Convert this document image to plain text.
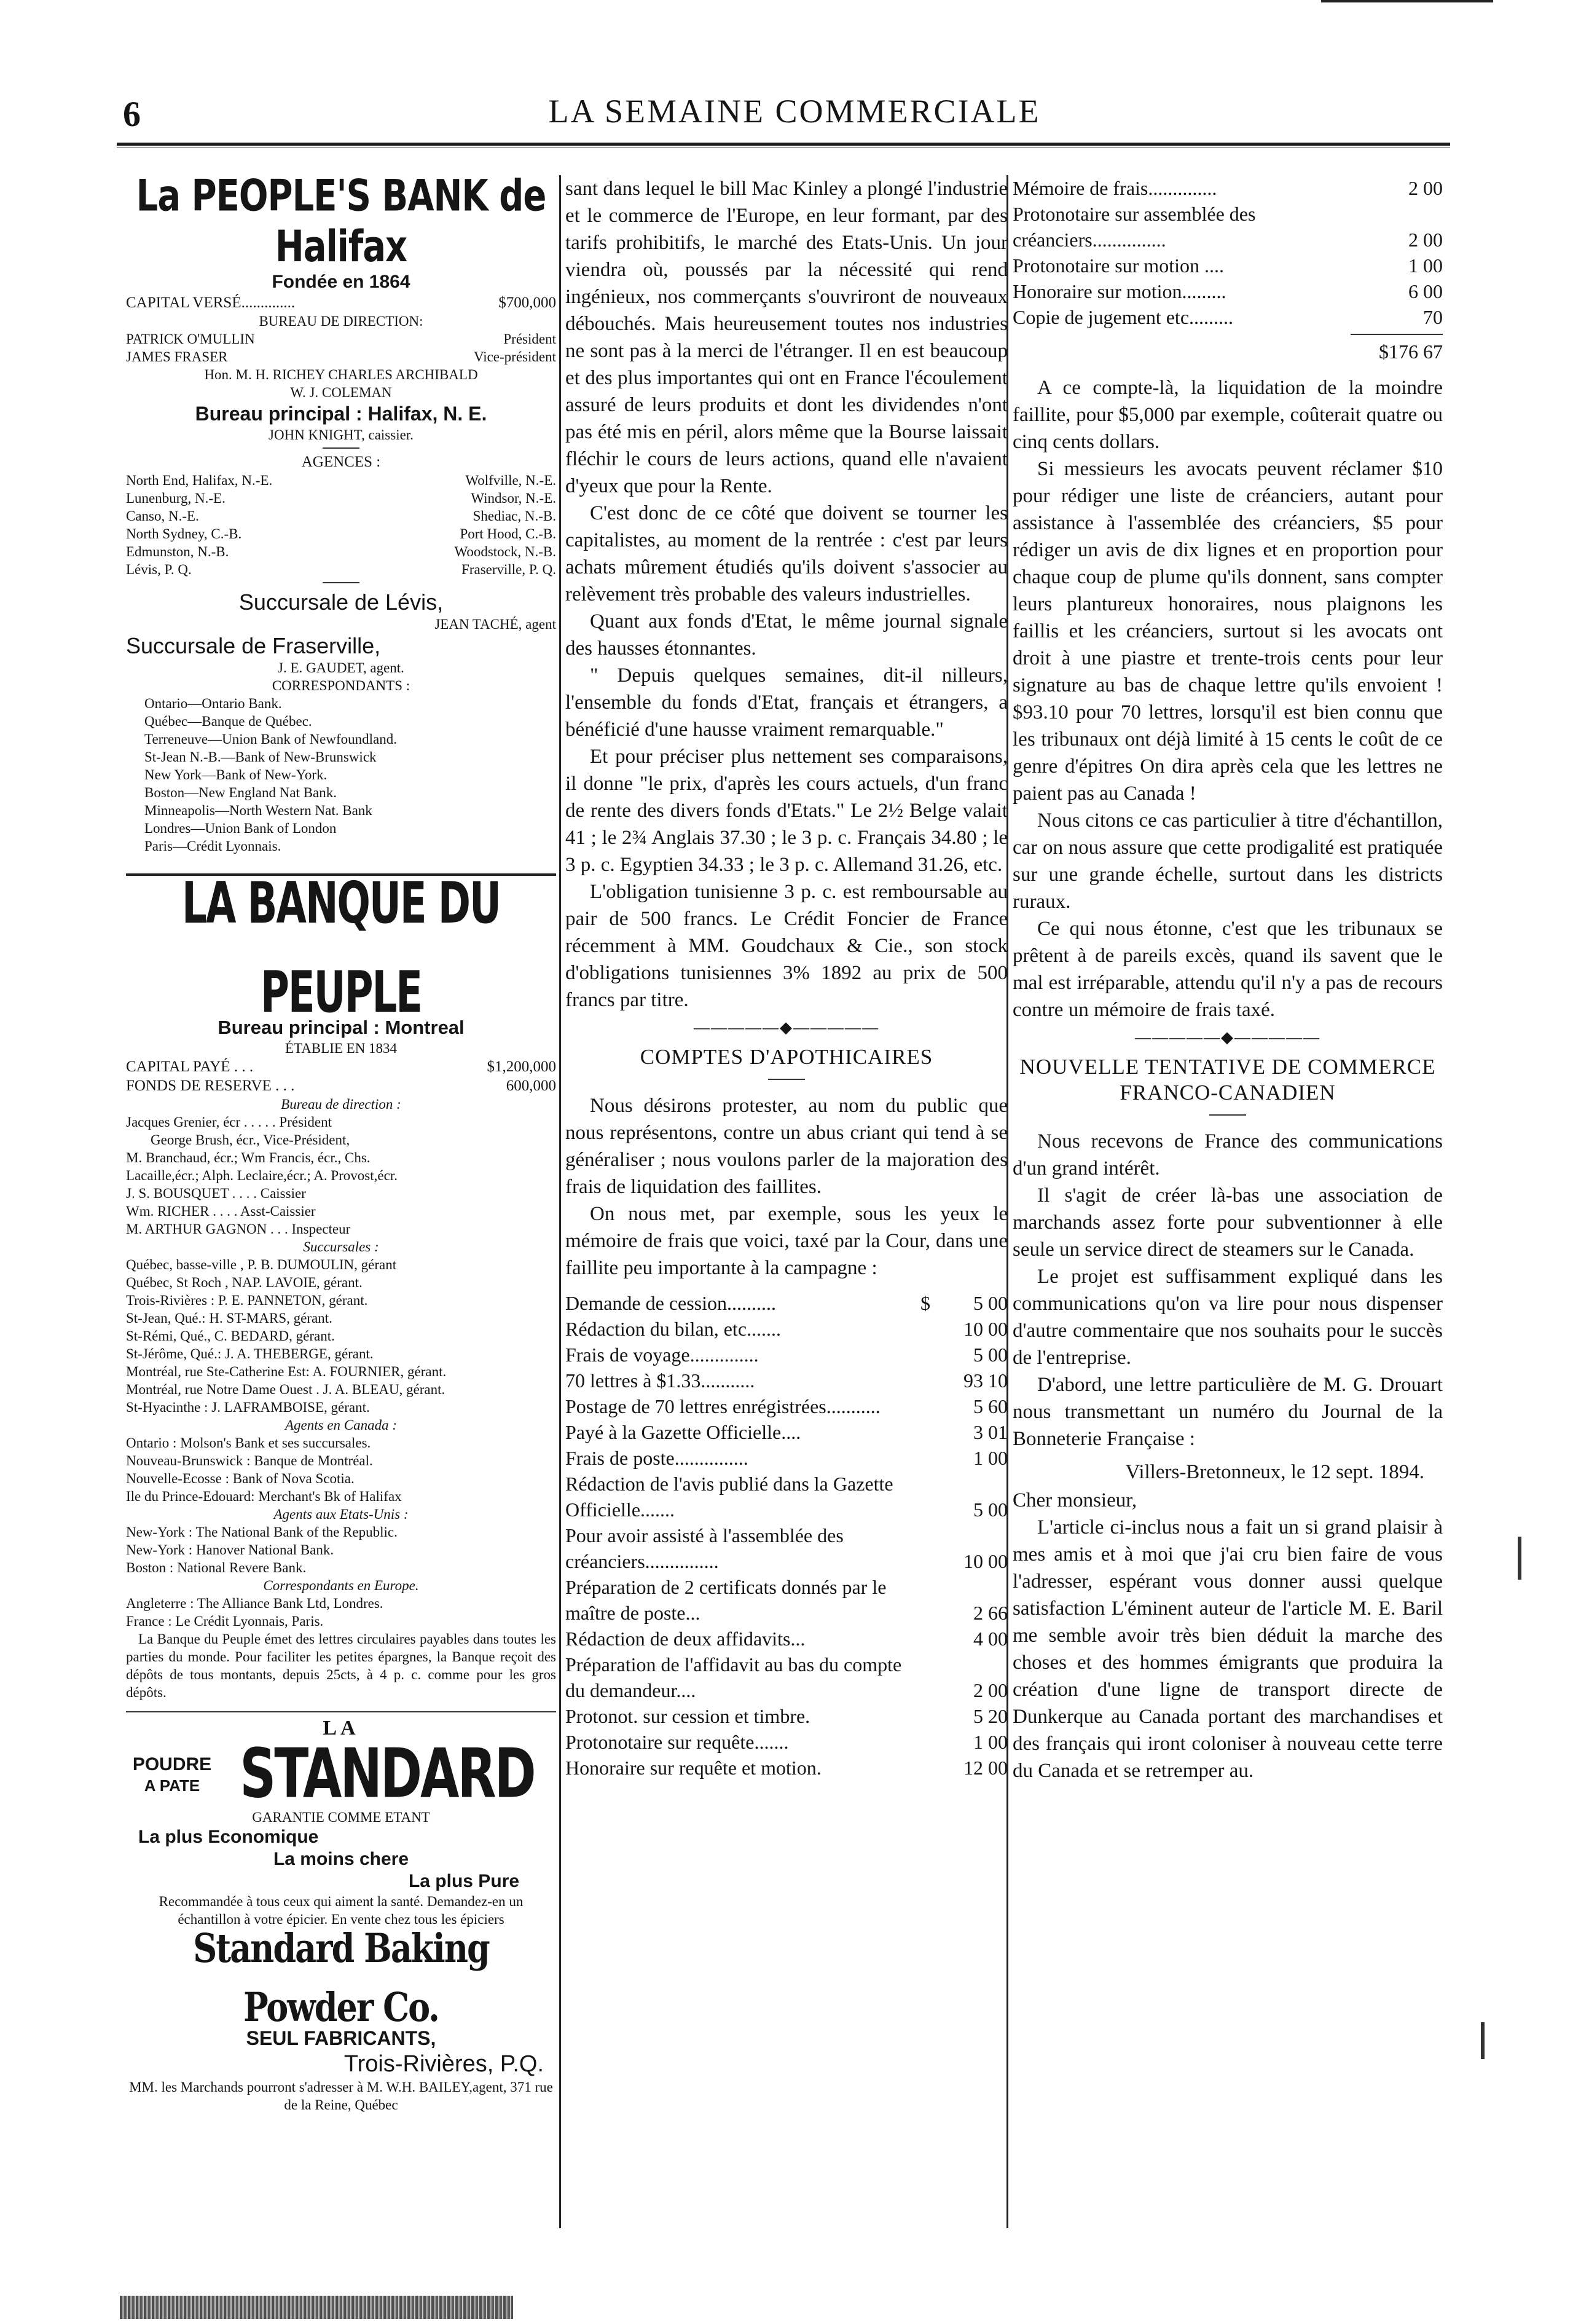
6	LA SEMAINE COMMERCIALE
La PEOPLE'S BANK de Halifax
Fondée en 1864
CAPITAL VERSÉ..............	$700,000
BUREAU DE DIRECTION:
PATRICK O'MULLIN	Président
JAMES FRASER	Vice-président
Hon. M. H. RICHEY CHARLES ARCHIBALD
W. J. COLEMAN
Bureau principal : Halifax, N. E.
JOHN KNIGHT, caissier.
AGENCES :
North End, Halifax, N.-E.	Wolfville, N.-E.
Lunenburg, N.-E.	Windsor, N.-E.
Canso, N.-E.	Shediac, N.-B.
North Sydney, C.-B.	Port Hood, C.-B.
Edmunston, N.-B.	Woodstock, N.-B.
Lévis, P. Q.	Fraserville, P. Q.
Succursale de Lévis,
JEAN TACHÉ, agent
Succursale de Fraserville,
J. E. GAUDET, agent.
CORRESPONDANTS :
Ontario—Ontario Bank.
Québec—Banque de Québec.
Terreneuve—Union Bank of Newfoundland.
St-Jean N.-B.—Bank of New-Brunswick
New York—Bank of New-York.
Boston—New England Nat Bank.
Minneapolis—North Western Nat. Bank
Londres—Union Bank of London
Paris—Crédit Lyonnais.
LA BANQUE DU PEUPLE
Bureau principal : Montreal
ÉTABLIE EN 1834
CAPITAL PAYÉ . . .	$1,200,000
FONDS DE RESERVE . . .	600,000
Bureau de direction :
Jacques Grenier, écr . . . . . Président
George Brush, écr., Vice-Président,
M. Branchaud, écr.; Wm Francis, écr., Chs.
Lacaille,écr.; Alph. Leclaire,écr.; A. Provost,écr.
J. S. BOUSQUET . . . . Caissier
Wm. RICHER . . . . Asst-Caissier
M. ARTHUR GAGNON . . . Inspecteur
Succursales :
Québec, basse-ville , P. B. DUMOULIN, gérant
Québec, St Roch , NAP. LAVOIE, gérant.
Trois-Rivières : P. E. PANNETON, gérant.
St-Jean, Qué.: H. ST-MARS, gérant.
St-Rémi, Qué., C. BEDARD, gérant.
St-Jérôme, Qué.: J. A. THEBERGE, gérant.
Montréal, rue Ste-Catherine Est: A. FOURNIER, gérant.
Montréal, rue Notre Dame Ouest . J. A. BLEAU, gérant.
St-Hyacinthe : J. LAFRAMBOISE, gérant.
Agents en Canada :
Ontario : Molson's Bank et ses succursales.
Nouveau-Brunswick : Banque de Montréal.
Nouvelle-Ecosse : Bank of Nova Scotia.
Ile du Prince-Edouard: Merchant's Bk of Halifax
Agents aux Etats-Unis :
New-York : The National Bank of the Republic.
New-York : Hanover National Bank.
Boston : National Revere Bank.
Correspondants en Europe.
Angleterre : The Alliance Bank Ltd, Londres.
France : Le Crédit Lyonnais, Paris.
La Banque du Peuple émet des lettres circulaires payables dans toutes les parties du monde. Pour faciliter les petites épargnes, la Banque reçoit des dépôts de tous montants, depuis 25cts, à 4 p. c. comme pour les gros dépôts.
LA
POUDRE
A PATE STANDARD
GARANTIE COMME ETANT
La plus Economique
La moins chere
La plus Pure
Recommandée à tous ceux qui aiment la santé. Demandez-en un échantillon à votre épicier. En vente chez tous les épiciers
Standard Baking Powder Co.
SEUL FABRICANTS,
Trois-Rivières, P.Q.
MM. les Marchands pourront s'adresser à M. W.H. BAILEY,agent, 371 rue de la Reine, Québec

sant dans lequel le bill Mac Kinley a plongé l'industrie et le commerce de l'Europe, en leur formant, par des tarifs prohibitifs, le marché des Etats-Unis. Un jour viendra où, poussés par la nécessité qui rend ingénieux, nos commerçants s'ouvriront de nouveaux débouchés. Mais heureusement toutes nos industries ne sont pas à la merci de l'étranger. Il en est beaucoup et des plus importantes qui ont en France l'écoulement assuré de leurs produits et dont les dividendes n'ont pas été mis en péril, alors même que la Bourse laissait fléchir le cours de leurs actions, quand elle n'avaient d'yeux que pour la Rente.

C'est donc de ce côté que doivent se tourner les capitalistes, au moment de la rentrée : c'est par leurs achats mûrement étudiés qu'ils doivent s'associer au relèvement très probable des valeurs industrielles.

Quant aux fonds d'Etat, le même journal signale des hausses étonnantes.

" Depuis quelques semaines, dit-il nilleurs, l'ensemble du fonds d'Etat, français et étrangers, a bénéficié d'une hausse vraiment remarquable."

Et pour préciser plus nettement ses comparaisons, il donne "le prix, d'après les cours actuels, d'un franc de rente des divers fonds d'Etats." Le 2½ Belge valait 41 ; le 2¾ Anglais 37.30 ; le 3 p. c. Français 34.80 ; le 3 p. c. Egyptien 34.33 ; le 3 p. c. Allemand 31.26, etc.

L'obligation tunisienne 3 p. c. est remboursable au pair de 500 francs. Le Crédit Foncier de France récemment à MM. Goudchaux & Cie., son stock d'obligations tunisiennes 3% 1892 au prix de 500 francs par titre.

―――――◆―――――
COMPTES D'APOTHICAIRES

Nous désirons protester, au nom du public que nous représentons, contre un abus criant qui tend à se généraliser ; nous voulons parler de la majoration des frais de liquidation des faillites.

On nous met, par exemple, sous les yeux le mémoire de frais que voici, taxé par la Cour, dans une faillite peu importante à la campagne :

Demande de cession..........	$	5 00
Rédaction du bilan, etc.......	10 00
Frais de voyage..............	5 00
70 lettres à $1.33...........	93 10
Postage de 70 lettres enrégistrées...........	5 60
Payé à la Gazette Officielle....	3 01
Frais de poste...............	1 00
Rédaction de l'avis publié dans la Gazette Officielle.......	5 00
Pour avoir assisté à l'assemblée des créanciers...............	10 00
Préparation de 2 certificats donnés par le maître de poste...	2 66
Rédaction de deux affidavits...	4 00
Préparation de l'affidavit au bas du compte du demandeur....	2 00
Protonot. sur cession et timbre.	5 20
Protonotaire sur requête.......	1 00
Honoraire sur requête et motion.	12 00
Mémoire de frais..............	2 00
Protonotaire sur assemblée des créanciers...............	2 00
Protonotaire sur motion ....	1 00
Honoraire sur motion.........	6 00
Copie de jugement etc.........	70
$176 67

A ce compte-là, la liquidation de la moindre faillite, pour $5,000 par exemple, coûterait quatre ou cinq cents dollars.

Si messieurs les avocats peuvent réclamer $10 pour rédiger une liste de créanciers, autant pour assistance à l'assemblée des créanciers, $5 pour rédiger un avis de dix lignes et en proportion pour chaque coup de plume qu'ils donnent, sans compter leurs plantureux honoraires, nous plaignons les faillis et les créanciers, surtout si les avocats ont droit à une piastre et trente-trois cents pour leur signature au bas de chaque lettre qu'ils envoient ! $93.10 pour 70 lettres, lorsqu'il est bien connu que les tribunaux ont déjà limité à 15 cents le coût de ce genre d'épitres On dira après cela que les lettres ne paient pas au Canada !

Nous citons ce cas particulier à titre d'échantillon, car on nous assure que cette prodigalité est pratiquée sur une grande échelle, surtout dans les districts ruraux.

Ce qui nous étonne, c'est que les tribunaux se prêtent à de pareils excès, quand ils savent que le mal est irréparable, attendu qu'il n'y a pas de recours contre un mémoire de frais taxé.

―――――◆―――――
NOUVELLE TENTATIVE DE COMMERCE FRANCO-CANADIEN

Nous recevons de France des communications d'un grand intérêt.

Il s'agit de créer là-bas une association de marchands assez forte pour subventionner à elle seule un service direct de steamers sur le Canada.

Le projet est suffisamment expliqué dans les communications qu'on va lire pour nous dispenser d'autre commentaire que nos souhaits pour le succès de l'entreprise.

D'abord, une lettre particulière de M. G. Drouart nous transmettant un numéro du Journal de la Bonneterie Française :

Villers-Bretonneux, le 12 sept. 1894.
Cher monsieur,

L'article ci-inclus nous a fait un si grand plaisir à mes amis et à moi que j'ai cru bien faire de vous l'adresser, espérant vous donner aussi quelque satisfaction L'éminent auteur de l'article M. E. Baril me semble avoir très bien déduit la marche des choses et des hommes émigrants que produira la création d'une ligne de transport directe de Dunkerque au Canada portant des marchandises et des français qui iront coloniser à nouveau cette terre du Canada et se retremper au.
